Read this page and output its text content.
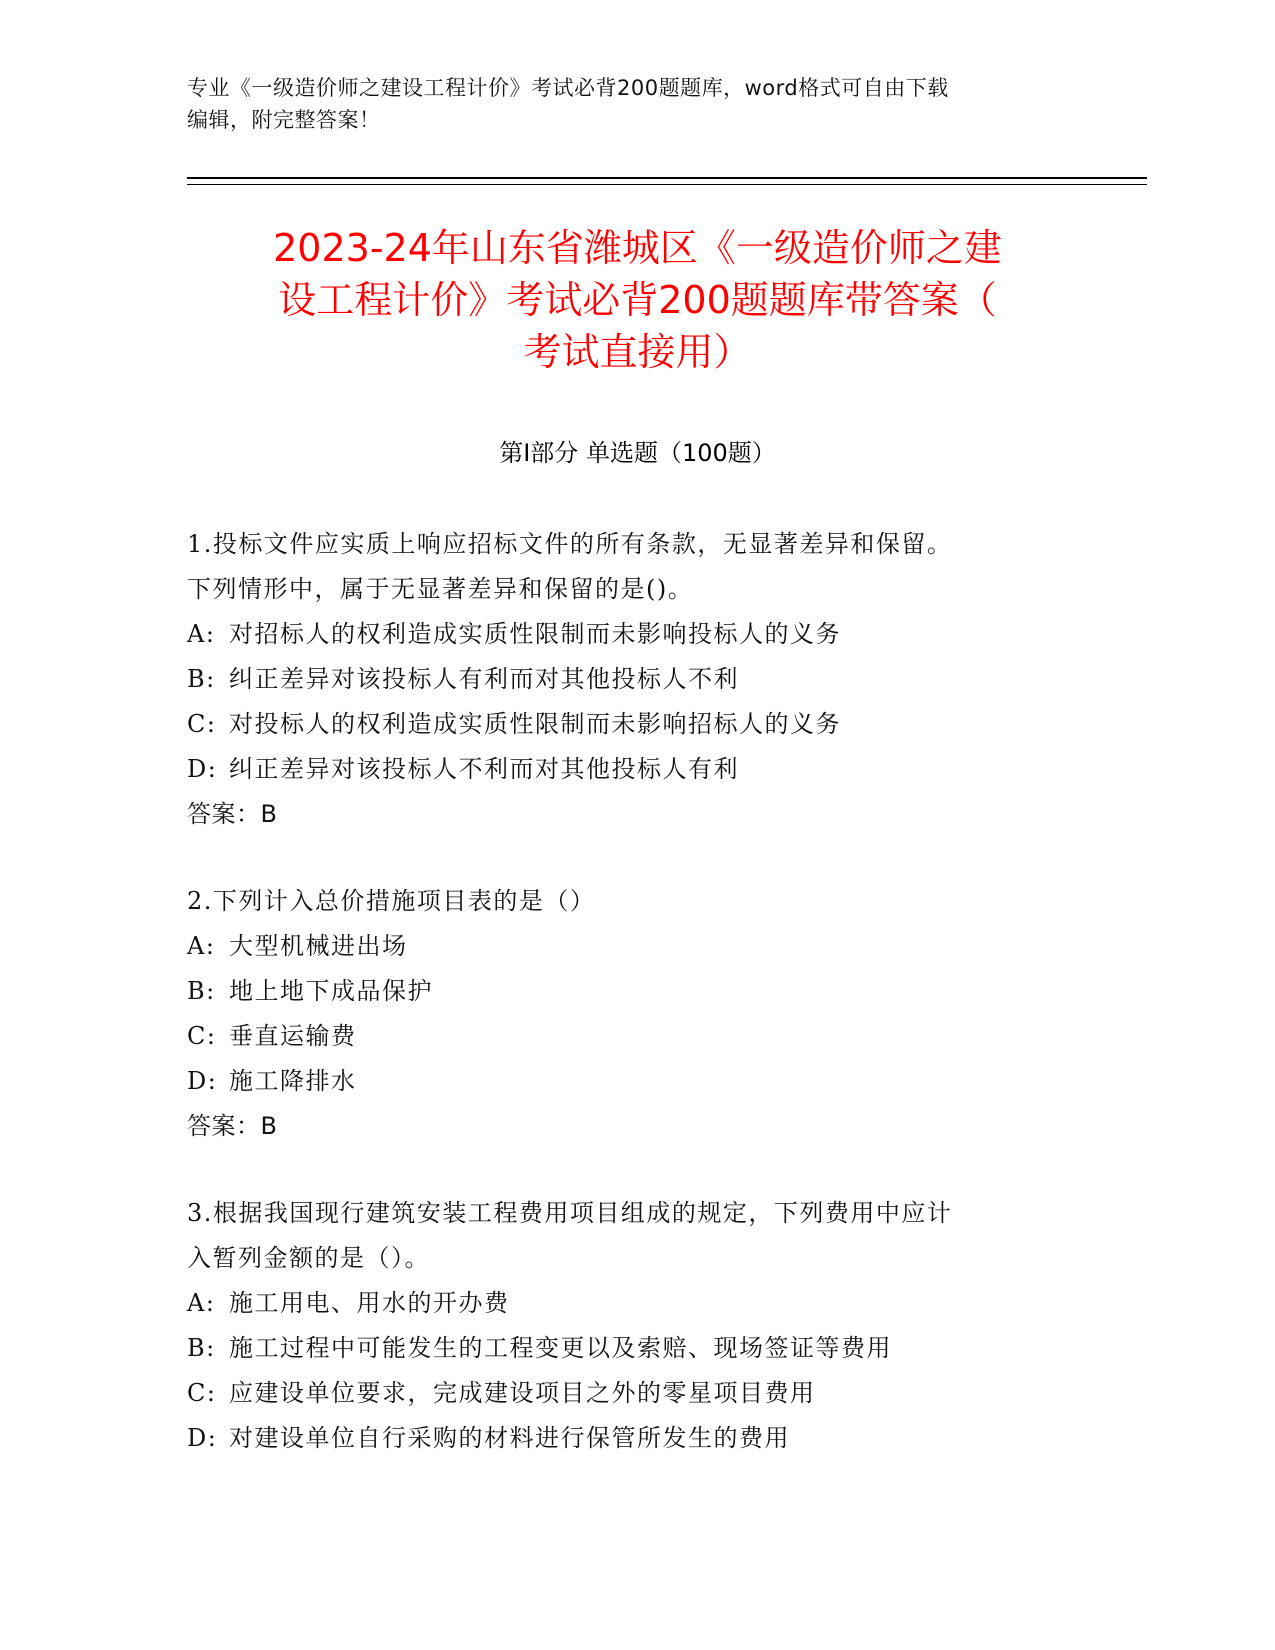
专业《一级造价师之建设工程计价》考试必背200题题库，word格式可自由下载
编辑，附完整答案！
2023-24年山东省潍城区《一级造价师之建
设工程计价》考试必背200题题库带答案（
考试直接用）
第I部分 单选题（100题）
1.投标文件应实质上响应招标文件的所有条款，无显著差异和保留。
下列情形中，属于无显著差异和保留的是()。
A: 对招标人的权利造成实质性限制而未影响投标人的义务
B: 纠正差异对该投标人有利而对其他投标人不利
C: 对投标人的权利造成实质性限制而未影响招标人的义务
D: 纠正差异对该投标人不利而对其他投标人有利
答案：B
2.下列计入总价措施项目表的是（）
A: 大型机械进出场
B: 地上地下成品保护
C: 垂直运输费
D: 施工降排水
答案：B
3.根据我国现行建筑安装工程费用项目组成的规定，下列费用中应计
入暂列金额的是（）。
A: 施工用电、用水的开办费
B: 施工过程中可能发生的工程变更以及索赔、现场签证等费用
C: 应建设单位要求，完成建设项目之外的零星项目费用
D: 对建设单位自行采购的材料进行保管所发生的费用
